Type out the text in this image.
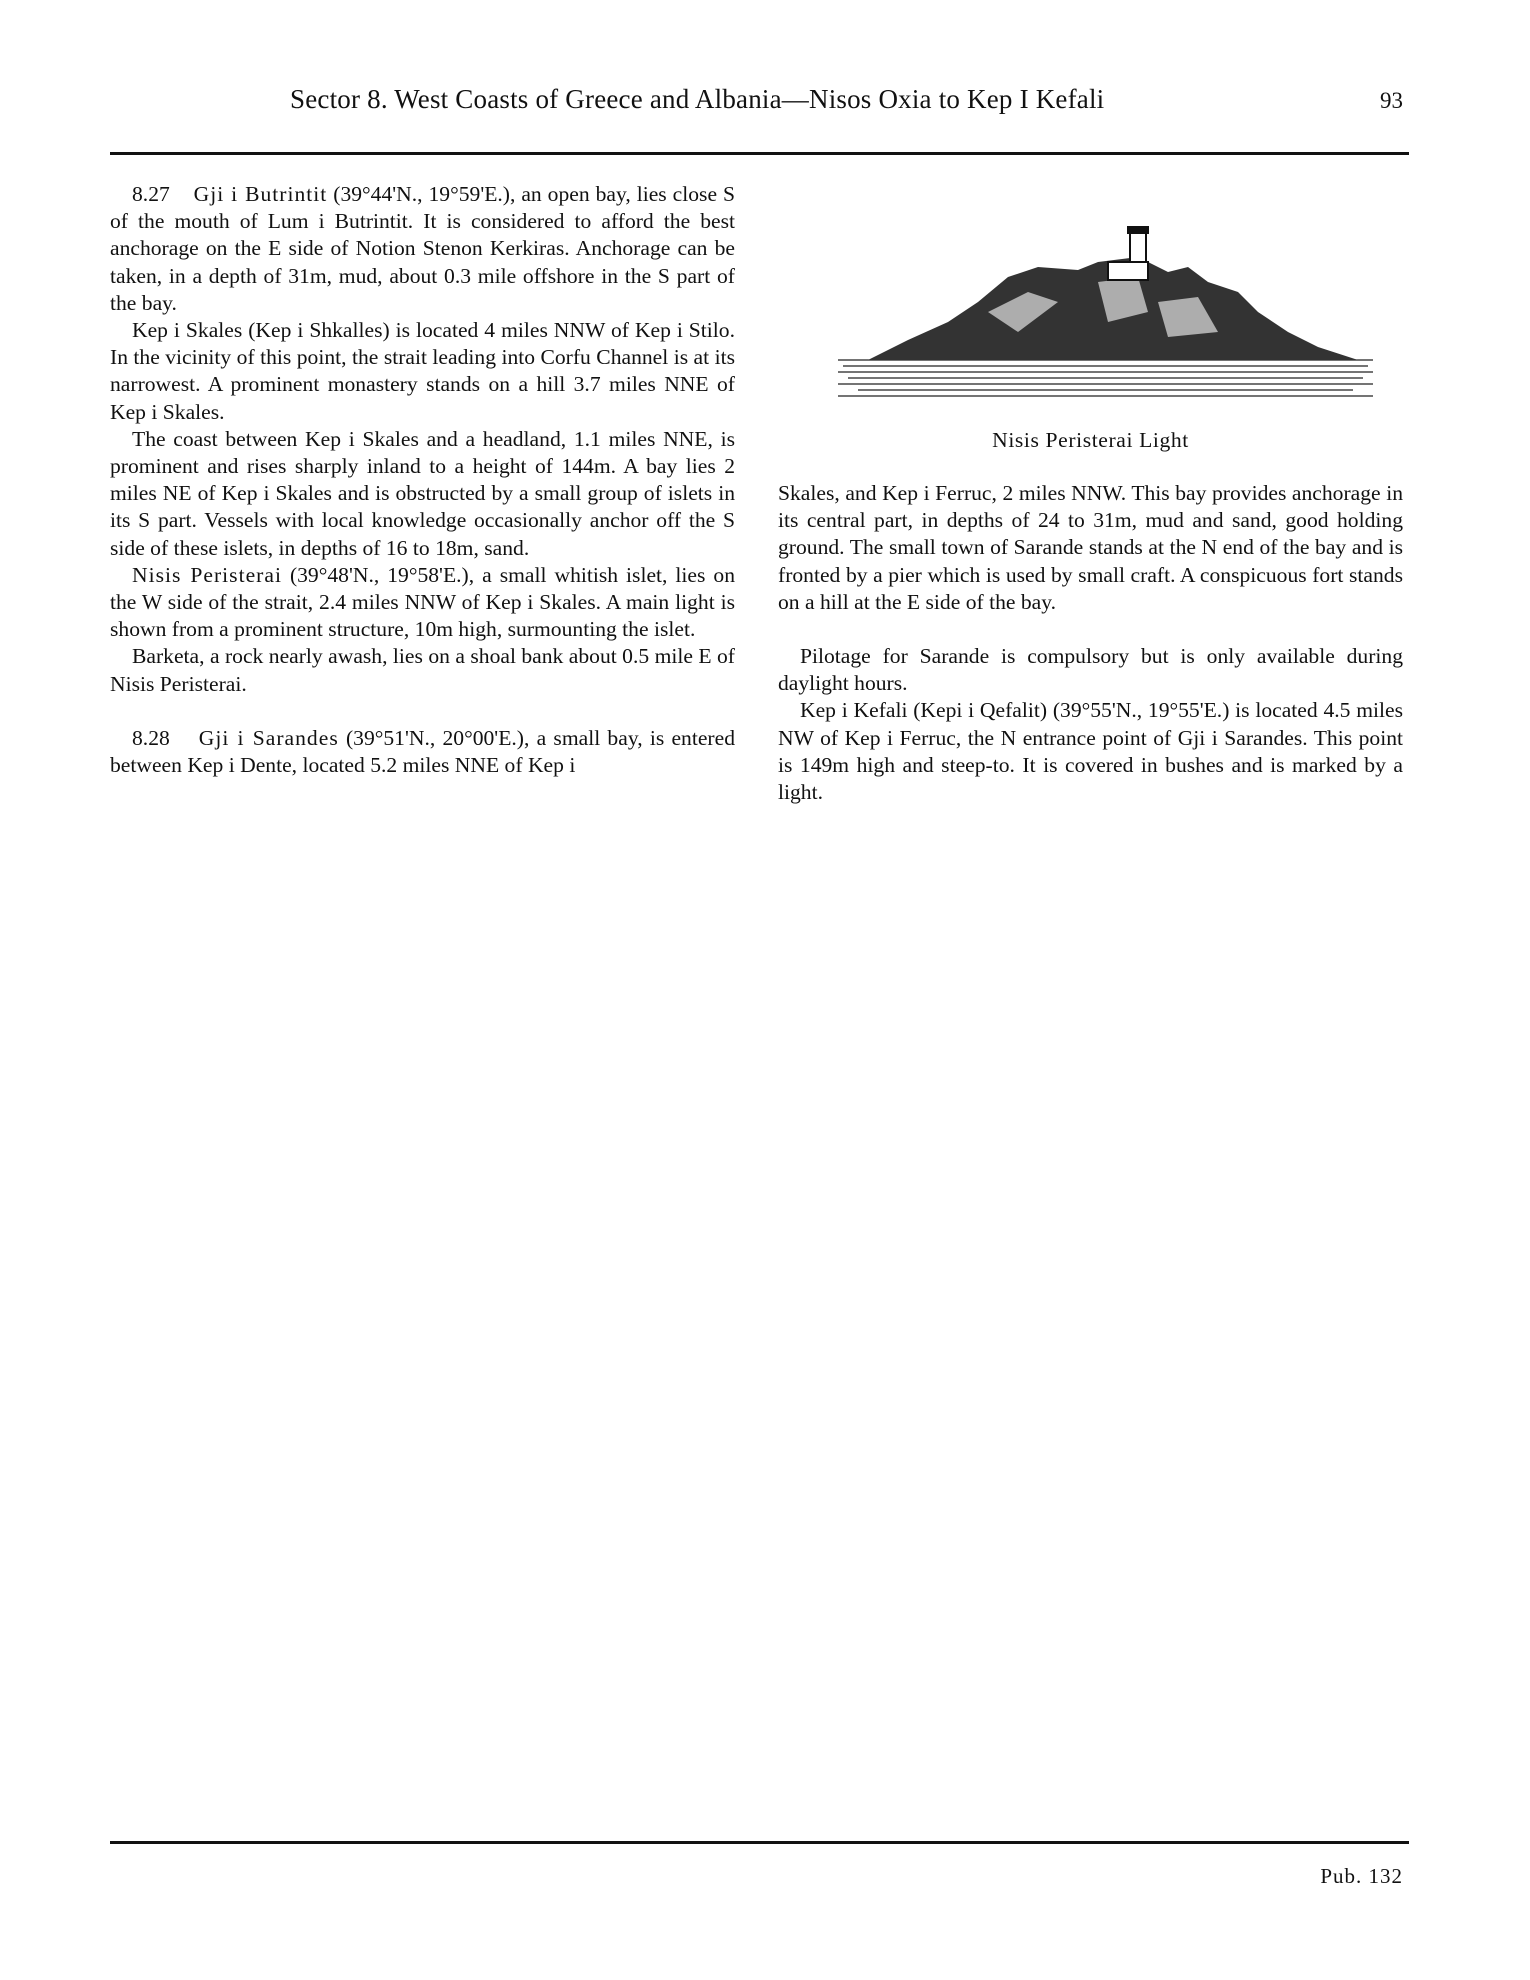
Sector 8. West Coasts of Greece and Albania—Nisos Oxia to Kep I Kefali	93

8.27 Gji i Butrintit (39°44'N., 19°59'E.), an open bay, lies close S of the mouth of Lum i Butrintit. It is considered to afford the best anchorage on the E side of Notion Stenon Kerkiras. Anchorage can be taken, in a depth of 31m, mud, about 0.3 mile offshore in the S part of the bay.

Kep i Skales (Kep i Shkalles) is located 4 miles NNW of Kep i Stilo. In the vicinity of this point, the strait leading into Corfu Channel is at its narrowest. A prominent monastery stands on a hill 3.7 miles NNE of Kep i Skales.

The coast between Kep i Skales and a headland, 1.1 miles NNE, is prominent and rises sharply inland to a height of 144m. A bay lies 2 miles NE of Kep i Skales and is obstructed by a small group of islets in its S part. Vessels with local knowledge occasionally anchor off the S side of these islets, in depths of 16 to 18m, sand.

Nisis Peristerai (39°48'N., 19°58'E.), a small whitish islet, lies on the W side of the strait, 2.4 miles NNW of Kep i Skales. A main light is shown from a prominent structure, 10m high, surmounting the islet.

Barketa, a rock nearly awash, lies on a shoal bank about 0.5 mile E of Nisis Peristerai.

8.28 Gji i Sarandes (39°51'N., 20°00'E.), a small bay, is entered between Kep i Dente, located 5.2 miles NNE of Kep i

Nisis Peristerai Light

Skales, and Kep i Ferruc, 2 miles NNW. This bay provides anchorage in its central part, in depths of 24 to 31m, mud and sand, good holding ground. The small town of Sarande stands at the N end of the bay and is fronted by a pier which is used by small craft. A conspicuous fort stands on a hill at the E side of the bay.

Pilotage for Sarande is compulsory but is only available during daylight hours.

Kep i Kefali (Kepi i Qefalit) (39°55'N., 19°55'E.) is located 4.5 miles NW of Kep i Ferruc, the N entrance point of Gji i Sarandes. This point is 149m high and steep-to. It is covered in bushes and is marked by a light.

Pub. 132
